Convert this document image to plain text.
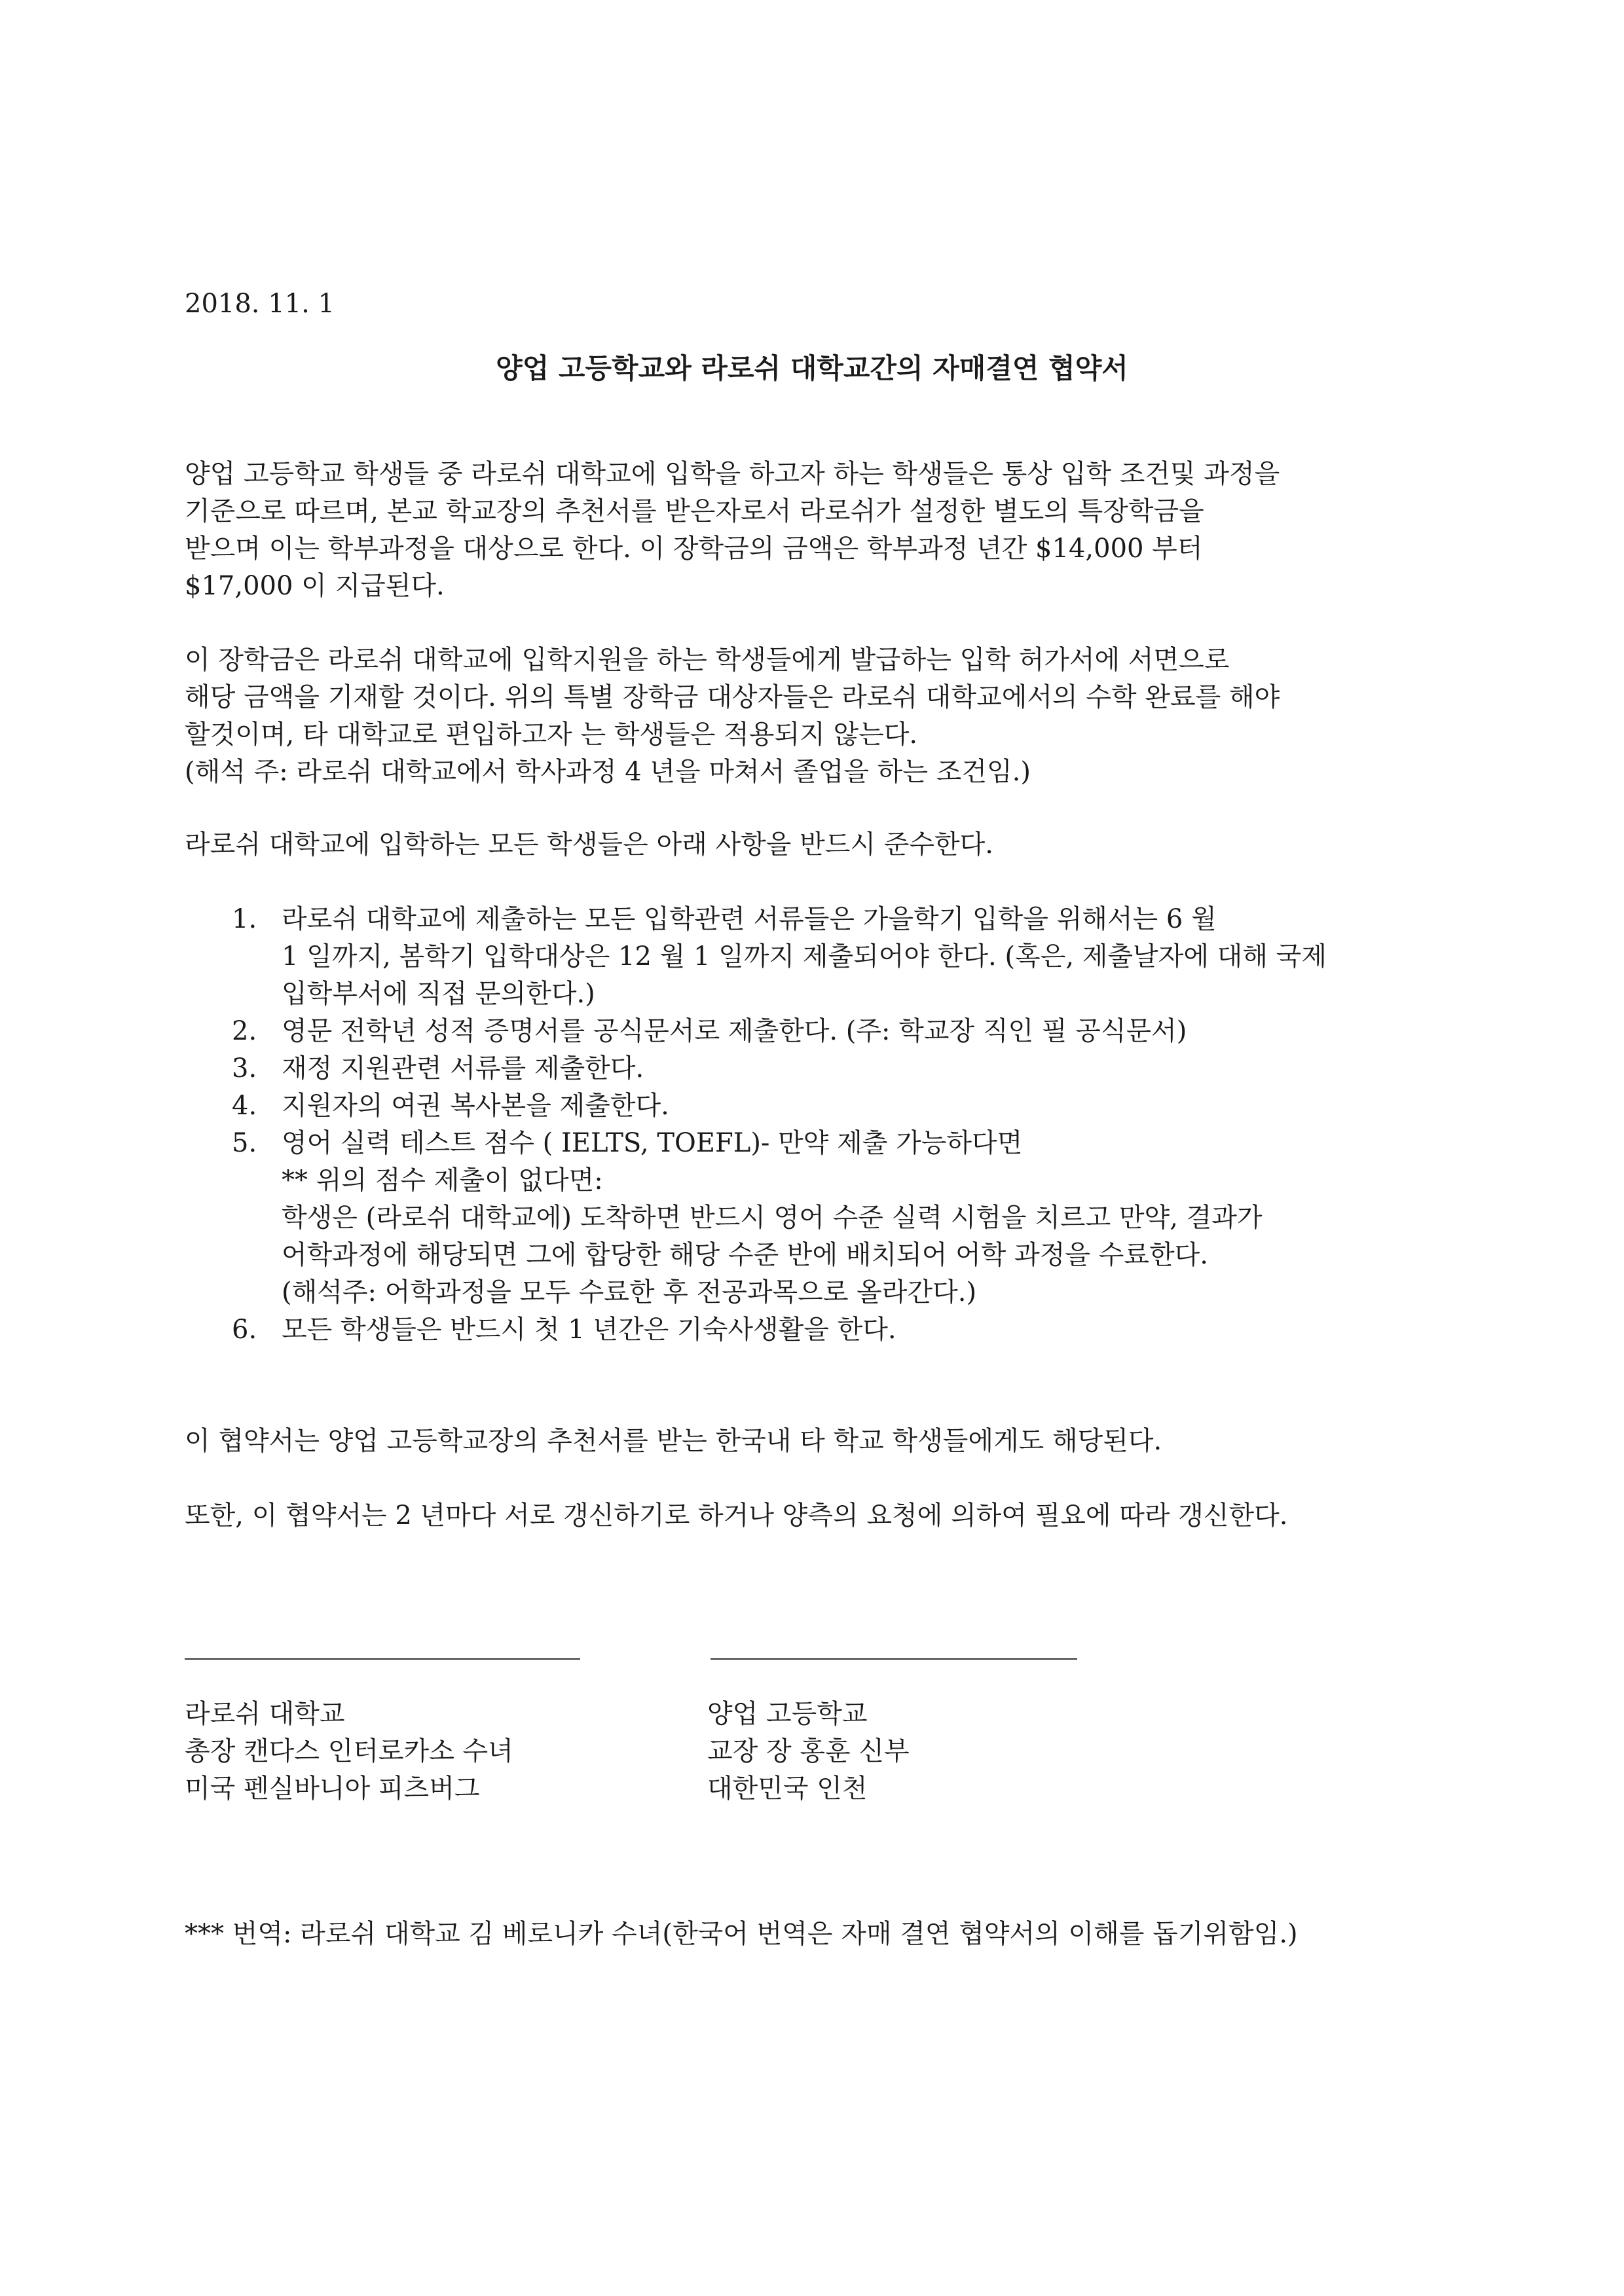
2018. 11. 1
양업 고등학교와 라로쉬 대학교간의 자매결연 협약서
양업 고등학교 학생들 중 라로쉬 대학교에 입학을 하고자 하는 학생들은 통상 입학 조건및 과정을
기준으로 따르며, 본교 학교장의 추천서를 받은자로서 라로쉬가 설정한 별도의 특장학금을
받으며 이는 학부과정을 대상으로 한다. 이 장학금의 금액은 학부과정 년간 $14,000 부터
$17,000 이 지급된다.
이 장학금은 라로쉬 대학교에 입학지원을 하는 학생들에게 발급하는 입학 허가서에 서면으로
해당 금액을 기재할 것이다. 위의 특별 장학금 대상자들은 라로쉬 대학교에서의 수학 완료를 해야
할것이며, 타 대학교로 편입하고자 는 학생들은 적용되지 않는다.
(해석 주: 라로쉬 대학교에서 학사과정 4 년을 마쳐서 졸업을 하는 조건임.)
라로쉬 대학교에 입학하는 모든 학생들은 아래 사항을 반드시 준수한다.
1. 라로쉬 대학교에 제출하는 모든 입학관련 서류들은 가을학기 입학을 위해서는 6 월
1 일까지, 봄학기 입학대상은 12 월 1 일까지 제출되어야 한다. (혹은, 제출날자에 대해 국제
입학부서에 직접 문의한다.)
2. 영문 전학년 성적 증명서를 공식문서로 제출한다. (주: 학교장 직인 필 공식문서)
3. 재정 지원관련 서류를 제출한다.
4. 지원자의 여권 복사본을 제출한다.
5. 영어 실력 테스트 점수 ( IELTS, TOEFL)- 만약 제출 가능하다면
** 위의 점수 제출이 없다면:
학생은 (라로쉬 대학교에) 도착하면 반드시 영어 수준 실력 시험을 치르고 만약, 결과가
어학과정에 해당되면 그에 합당한 해당 수준 반에 배치되어 어학 과정을 수료한다.
(해석주: 어학과정을 모두 수료한 후 전공과목으로 올라간다.)
6. 모든 학생들은 반드시 첫 1 년간은 기숙사생활을 한다.
이 협약서는 양업 고등학교장의 추천서를 받는 한국내 타 학교 학생들에게도 해당된다.
또한, 이 협약서는 2 년마다 서로 갱신하기로 하거나 양측의 요청에 의하여 필요에 따라 갱신한다.
라로쉬 대학교
총장 캔다스 인터로카소 수녀
미국 펜실바니아 피츠버그
양업 고등학교
교장 장 홍훈 신부
대한민국 인천
*** 번역: 라로쉬 대학교 김 베로니카 수녀(한국어 번역은 자매 결연 협약서의 이해를 돕기위함임.)
